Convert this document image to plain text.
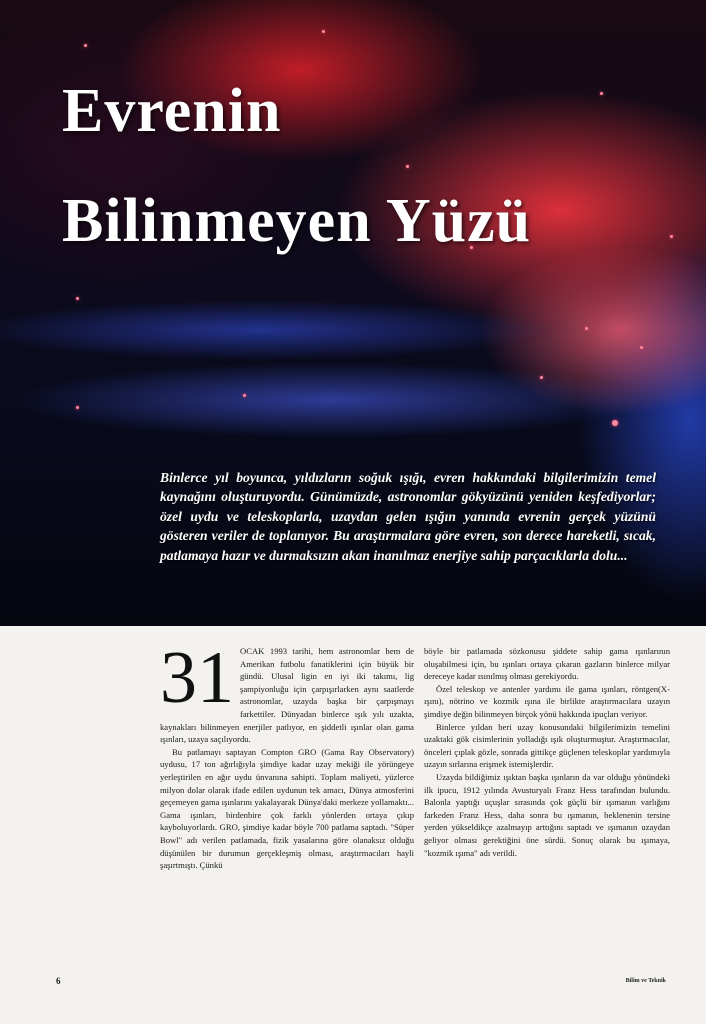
Evrenin
Bilinmeyen Yüzü

Binlerce yıl boyunca, yıldızların soğuk ışığı, evren hakkındaki bilgilerimizin temel kaynağını oluşturuyordu. Günümüzde, astronomlar gökyüzünü yeniden keşfediyorlar; özel uydu ve teleskoplarla, uzaydan gelen ışığın yanında evrenin gerçek yüzünü gösteren veriler de toplanıyor. Bu araştırmalara göre evren, son derece hareketli, sıcak, patlamaya hazır ve durmaksızın akan inanılmaz enerjiye sahip parçacıklarla dolu...

31 OCAK 1993 tarihi, hem astronomlar hem de Amerikan futbolu fanatiklerini için büyük bir gündü. Ulusal ligin en iyi iki takımı, lig şampiyonluğu için çarpışırlarken aynı saatlerde astronomlar, uzayda başka bir çarpışmayı farkettiler. Dünyadan binlerce ışık yılı uzakta, kaynakları bilinmeyen enerjiler patlıyor, en şiddetli ışınlar olan gama ışınları, uzaya saçılıyordu.

Bu patlamayı saptayan Compton GRO (Gama Ray Observatory) uydusu, 17 ton ağırlığıyla şimdiye kadar uzay mekiği ile yörüngeye yerleştirilen en ağır uydu ünvanına sahipti. Toplam maliyeti, yüzlerce milyon dolar olarak ifade edilen uydunun tek amacı, Dünya atmosferini geçemeyen gama ışınlarını yakalayarak Dünya'daki merkeze yollamaktı... Gama ışınları, birdenbire çok farklı yönlerden ortaya çıkıp kayboluyorlardı. GRO, şimdiye kadar böyle 700 patlama saptadı. "Süper Bowl" adı verilen patlamada, fizik yasalarına göre olanaksız olduğu düşünülen bir durumun gerçekleşmiş olması, araştırmacıları hayli şaşırtmıştı. Çünkü

böyle bir patlamada sözkonusu şiddete sahip gama ışınlarının oluşabilmesi için, bu ışınları ortaya çıkaran gazların binlerce milyar dereceye kadar ısınılmış olması gerekiyordu.

Özel teleskop ve antenler yardımı ile gama ışınları, röntgen(X-ışını), nötrino ve kozmik ışına ile birlikte araştırmacılara uzayın şimdiye değin bilinmeyen birçok yönü hakkında ipuçları veriyor.

Binlerce yıldan beri uzay konusundaki bilgilerimizin temelini uzaktaki gök cisimlerinin yolladığı ışık oluşturmuştur. Araştırmacılar, önceleri çıplak gözle, sonrada gittikçe güçlenen teleskoplar yardımıyla uzayın sırlarına erişmek istemişlerdir.

Uzayda bildiğimiz ışıktan başka ışınların da var olduğu yönündeki ilk ipucu, 1912 yılında Avusturyalı Franz Hess tarafından bulundu. Balonla yaptığı uçuşlar sırasında çok güçlü bir ışımanın varlığını farkeden Franz Hess, daha sonra bu ışımanın, beklenenin tersine yerden yükseldikçe azalmayıp arttığını saptadı ve ışımanın uzaydan geliyor olması gerektiğini öne sürdü. Sonuç olarak bu ışımaya, "kozmik ışıma" adı verildi.

6	Bilim ve Teknik
